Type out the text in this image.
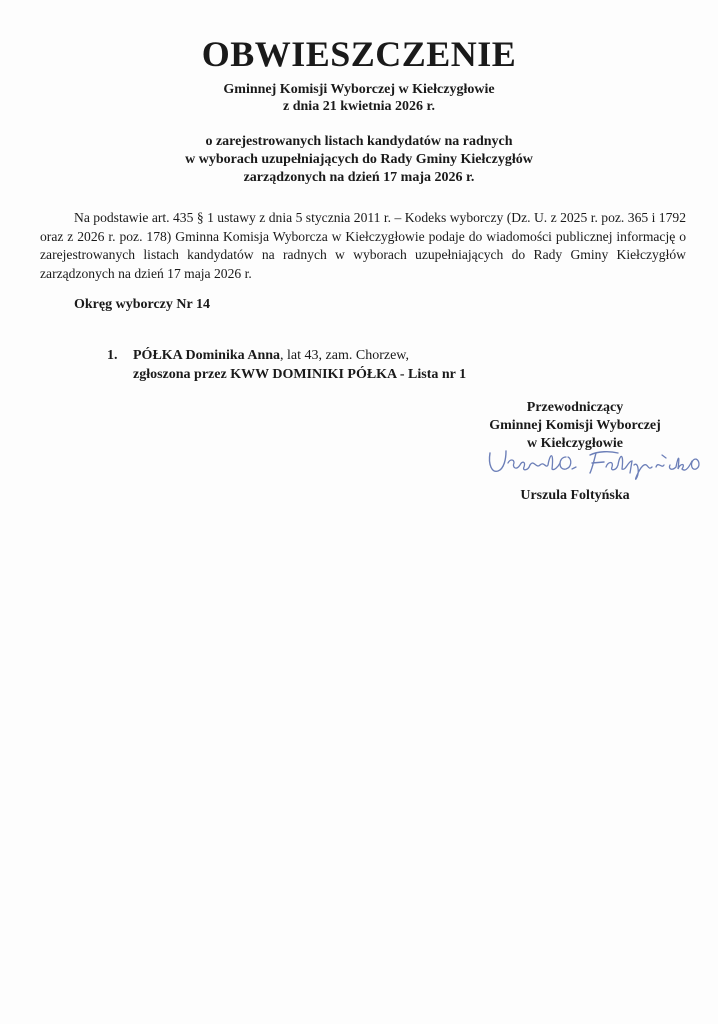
OBWIESZCZENIE
Gminnej Komisji Wyborczej w Kiełczygłowie
z dnia 21 kwietnia 2026 r.
o zarejestrowanych listach kandydatów na radnych
w wyborach uzupełniających do Rady Gminy Kiełczygłów
zarządzonych na dzień 17 maja 2026 r.
Na podstawie art. 435 § 1 ustawy z dnia 5 stycznia 2011 r. – Kodeks wyborczy (Dz. U. z 2025 r. poz. 365 i 1792 oraz z 2026 r. poz. 178) Gminna Komisja Wyborcza w Kiełczygłowie podaje do wiadomości publicznej informację o zarejestrowanych listach kandydatów na radnych w wyborach uzupełniających do Rady Gminy Kiełczygłów zarządzonych na dzień 17 maja 2026 r.
Okręg wyborczy Nr 14
1. PÓŁKA Dominika Anna, lat 43, zam. Chorzew,
zgłoszona przez KWW DOMINIKI PÓŁKA - Lista nr 1
Przewodniczący
Gminnej Komisji Wyborczej
w Kiełczygłowie
Urszula Foltyńska
